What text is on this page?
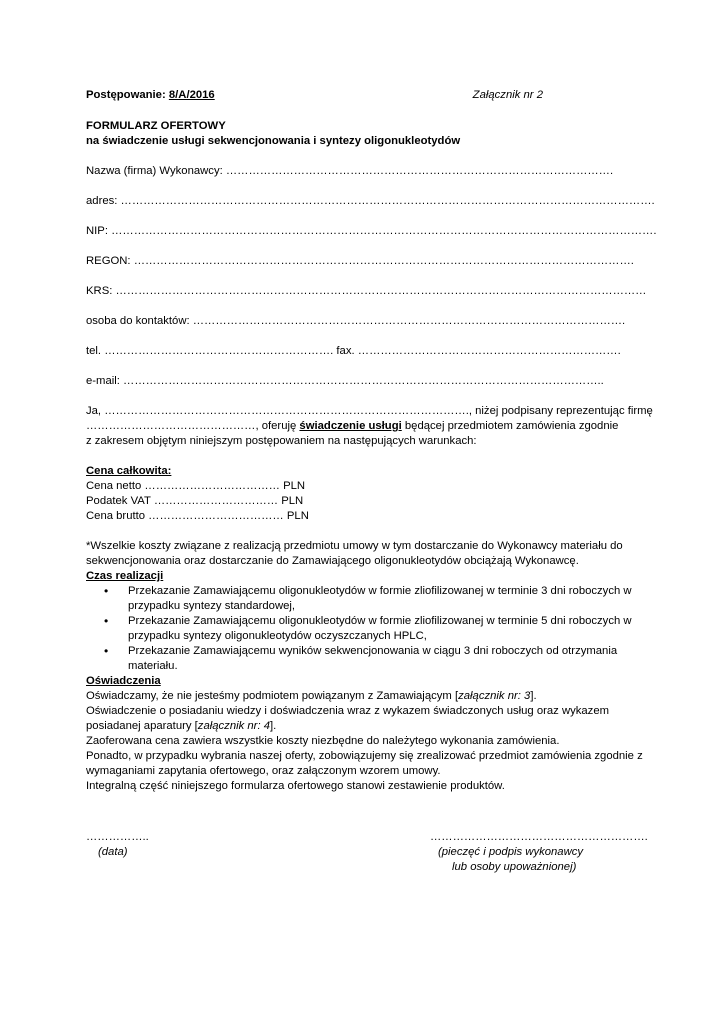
Postępowanie: 8/A/2016	Załącznik nr 2
FORMULARZ OFERTOWY
na świadczenie usługi sekwencjonowania i syntezy oligonukleotydów
Nazwa (firma) Wykonawcy: ………………………………………………………………………………………….
adres: …………………………………………………………………………………………………………………………….
NIP: ……………………………………………………………………………………………………………………………….
REGON: …………………………………………………………………………………………………………………….
KRS: ……………………………………………………………………………………………………………………………
osoba do kontaktów: …………………………………………………………………………………………………….
tel. ……………………………………………………. fax. …………………………………………………………….
e-mail: ………………………………………………………………………………………………………………..
Ja, ……………………………………………………………………………………., niżej podpisany reprezentując firmę
………………………………………, oferuję świadczenie usługi będącej przedmiotem zamówienia zgodnie
z zakresem objętym niniejszym postępowaniem na następujących warunkach:
Cena całkowita:
Cena netto ……………………………… PLN
Podatek VAT …………………………… PLN
Cena brutto ……………………………… PLN
*Wszelkie koszty związane z realizacją przedmiotu umowy w tym dostarczanie do Wykonawcy materiału do
sekwencjonowania oraz dostarczanie do Zamawiającego oligonukleotydów obciążają Wykonawcę.
Czas realizacji
• Przekazanie Zamawiającemu oligonukleotydów w formie zliofilizowanej w terminie 3 dni roboczych w
przypadku syntezy standardowej,
• Przekazanie Zamawiającemu oligonukleotydów w formie zliofilizowanej w terminie 5 dni roboczych w
przypadku syntezy oligonukleotydów oczyszczanych HPLC,
• Przekazanie Zamawiającemu wyników sekwencjonowania w ciągu 3 dni roboczych od otrzymania
materiału.
Oświadczenia
Oświadczamy, że nie jesteśmy podmiotem powiązanym z Zamawiającym [załącznik nr: 3].
Oświadczenie o posiadaniu wiedzy i doświadczenia wraz z wykazem świadczonych usług oraz wykazem
posiadanej aparatury [załącznik nr: 4].
Zaoferowana cena zawiera wszystkie koszty niezbędne do należytego wykonania zamówienia.
Ponadto, w przypadku wybrania naszej oferty, zobowiązujemy się zrealizować przedmiot zamówienia zgodnie z
wymaganiami zapytania ofertowego, oraz załączonym wzorem umowy.
Integralną część niniejszego formularza ofertowego stanowi zestawienie produktów.
……………..
(data)
………………………………………………….
(pieczęć i podpis wykonawcy
lub osoby upoważnionej)
